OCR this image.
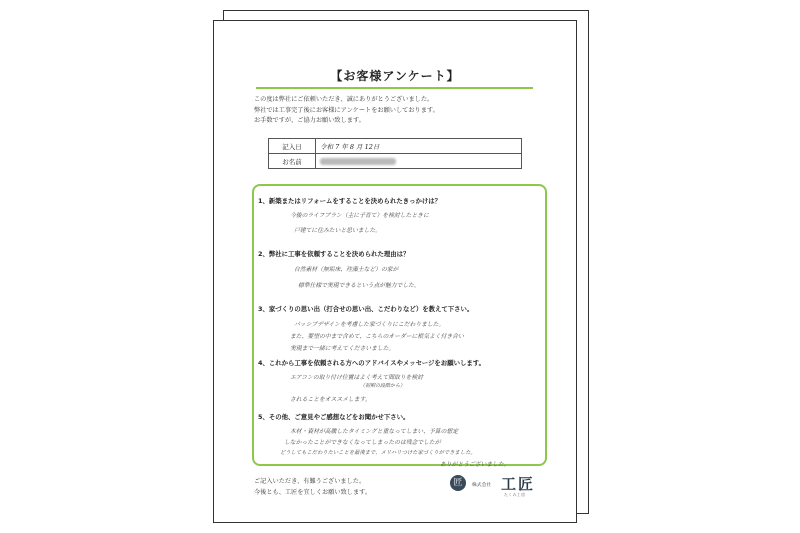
【お客様アンケート】
この度は弊社にご依頼いただき、誠にありがとうございました。
弊社では工事完了後にお客様にアンケートをお願いしております。
お手数ですが、ご協力お願い致します。
記入日	令和 7 年 8 月 12日
お名前	
1、新築またはリフォームをすることを決められたきっかけは？
今後のライフプラン（主に子育て）を検討したときに
戸建てに住みたいと思いました。
2、弊社に工事を依頼することを決められた理由は？
自然素材（無垢床、珪藻土など）の家が
標準仕様で実現できるという点が魅力でした。
3、家づくりの思い出（打合せの思い出、こだわりなど）を教えて下さい。
パッシブデザインを考慮した家づくりにこだわりました。
また、要望の中まで含めて、こちらのオーダーに根気よく付き合い
実現まで一緒に考えてくださいました。
4、これから工事を依頼される方へのアドバイスやメッセージをお願いします。
エアコンの取り付け位置はよく考えて間取りを検討
（初期の段階から）
されることをオススメします。
5、その他、ご意見やご感想などをお聞かせ下さい。
木材・資材が高騰したタイミングと重なってしまい、予算の想定
しなかったことができなくなってしまったのは残念でしたが
どうしてもこだわりたいことを最後まで、メリハリつけた家づくりができました。
ありがとうございました。
ご記入いただき、有難うございました。
今後とも、工匠を宜しくお願い致します。
匠	株式会社 工匠
たくみ工房
